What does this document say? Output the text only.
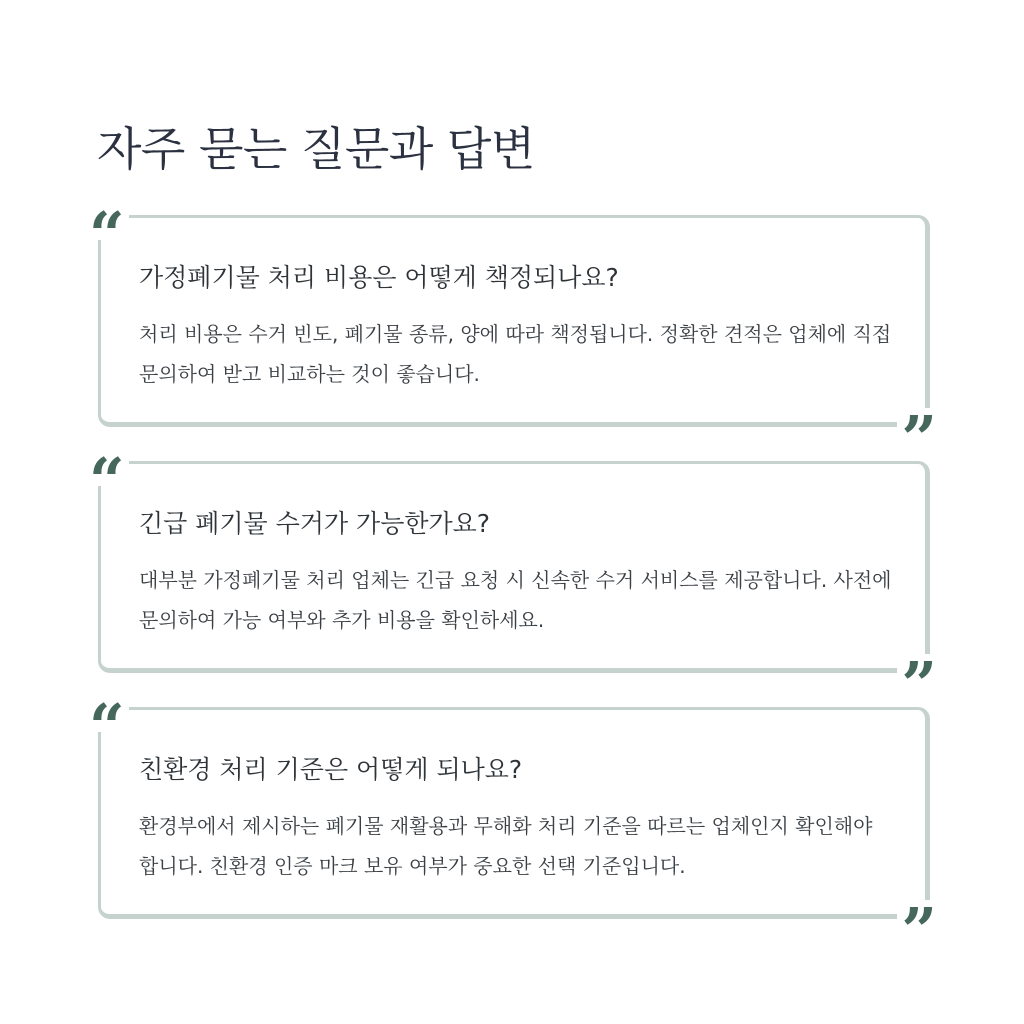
자주 묻는 질문과 답변
“
가정폐기물 처리 비용은 어떻게 책정되나요?

처리 비용은 수거 빈도, 폐기물 종류, 양에 따라 책정됩니다. 정확한 견적은 업체에 직접 문의하여 받고 비교하는 것이 좋습니다.

”
“
긴급 폐기물 수거가 가능한가요?

대부분 가정폐기물 처리 업체는 긴급 요청 시 신속한 수거 서비스를 제공합니다. 사전에 문의하여 가능 여부와 추가 비용을 확인하세요.

”
“
친환경 처리 기준은 어떻게 되나요?

환경부에서 제시하는 폐기물 재활용과 무해화 처리 기준을 따르는 업체인지 확인해야 합니다. 친환경 인증 마크 보유 여부가 중요한 선택 기준입니다.

”
